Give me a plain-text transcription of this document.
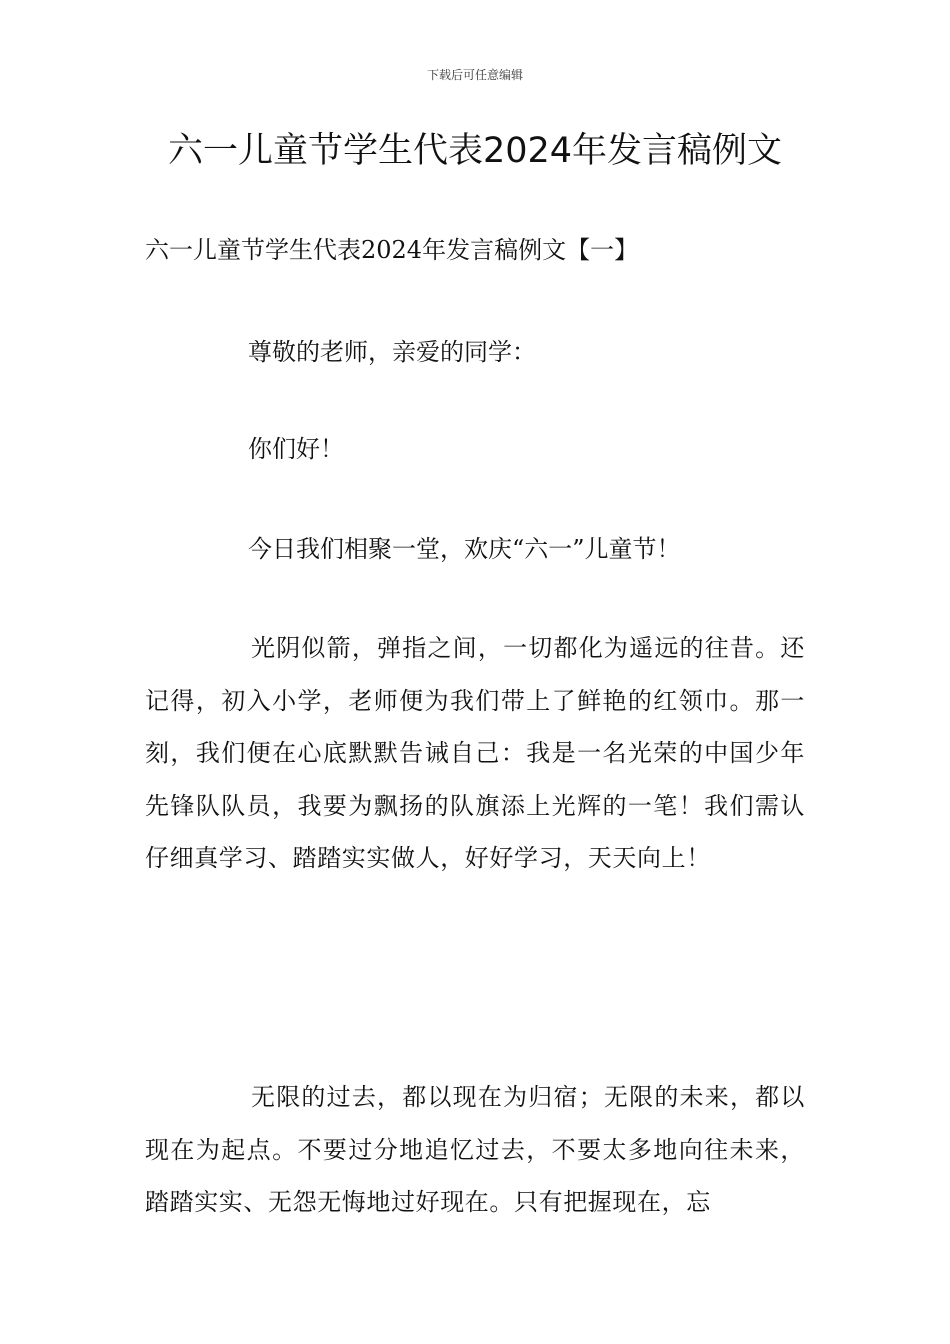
下载后可任意编辑
六一儿童节学生代表2024年发言稿例文
六一儿童节学生代表2024年发言稿例文【一】
尊敬的老师，亲爱的同学：
你们好！
今日我们相聚一堂，欢庆“六一”儿童节！
光阴似箭，弹指之间，一切都化为遥远的往昔。还记得，初入小学，老师便为我们带上了鲜艳的红领巾。那一刻，我们便在心底默默告诫自己：我是一名光荣的中国少年先锋队队员，我要为飘扬的队旗添上光辉的一笔！我们需认仔细真学习、踏踏实实做人，好好学习，天天向上！
无限的过去，都以现在为归宿；无限的未来，都以现在为起点。不要过分地追忆过去，不要太多地向往未来，踏踏实实、无怨无悔地过好现在。只有把握现在，忘
